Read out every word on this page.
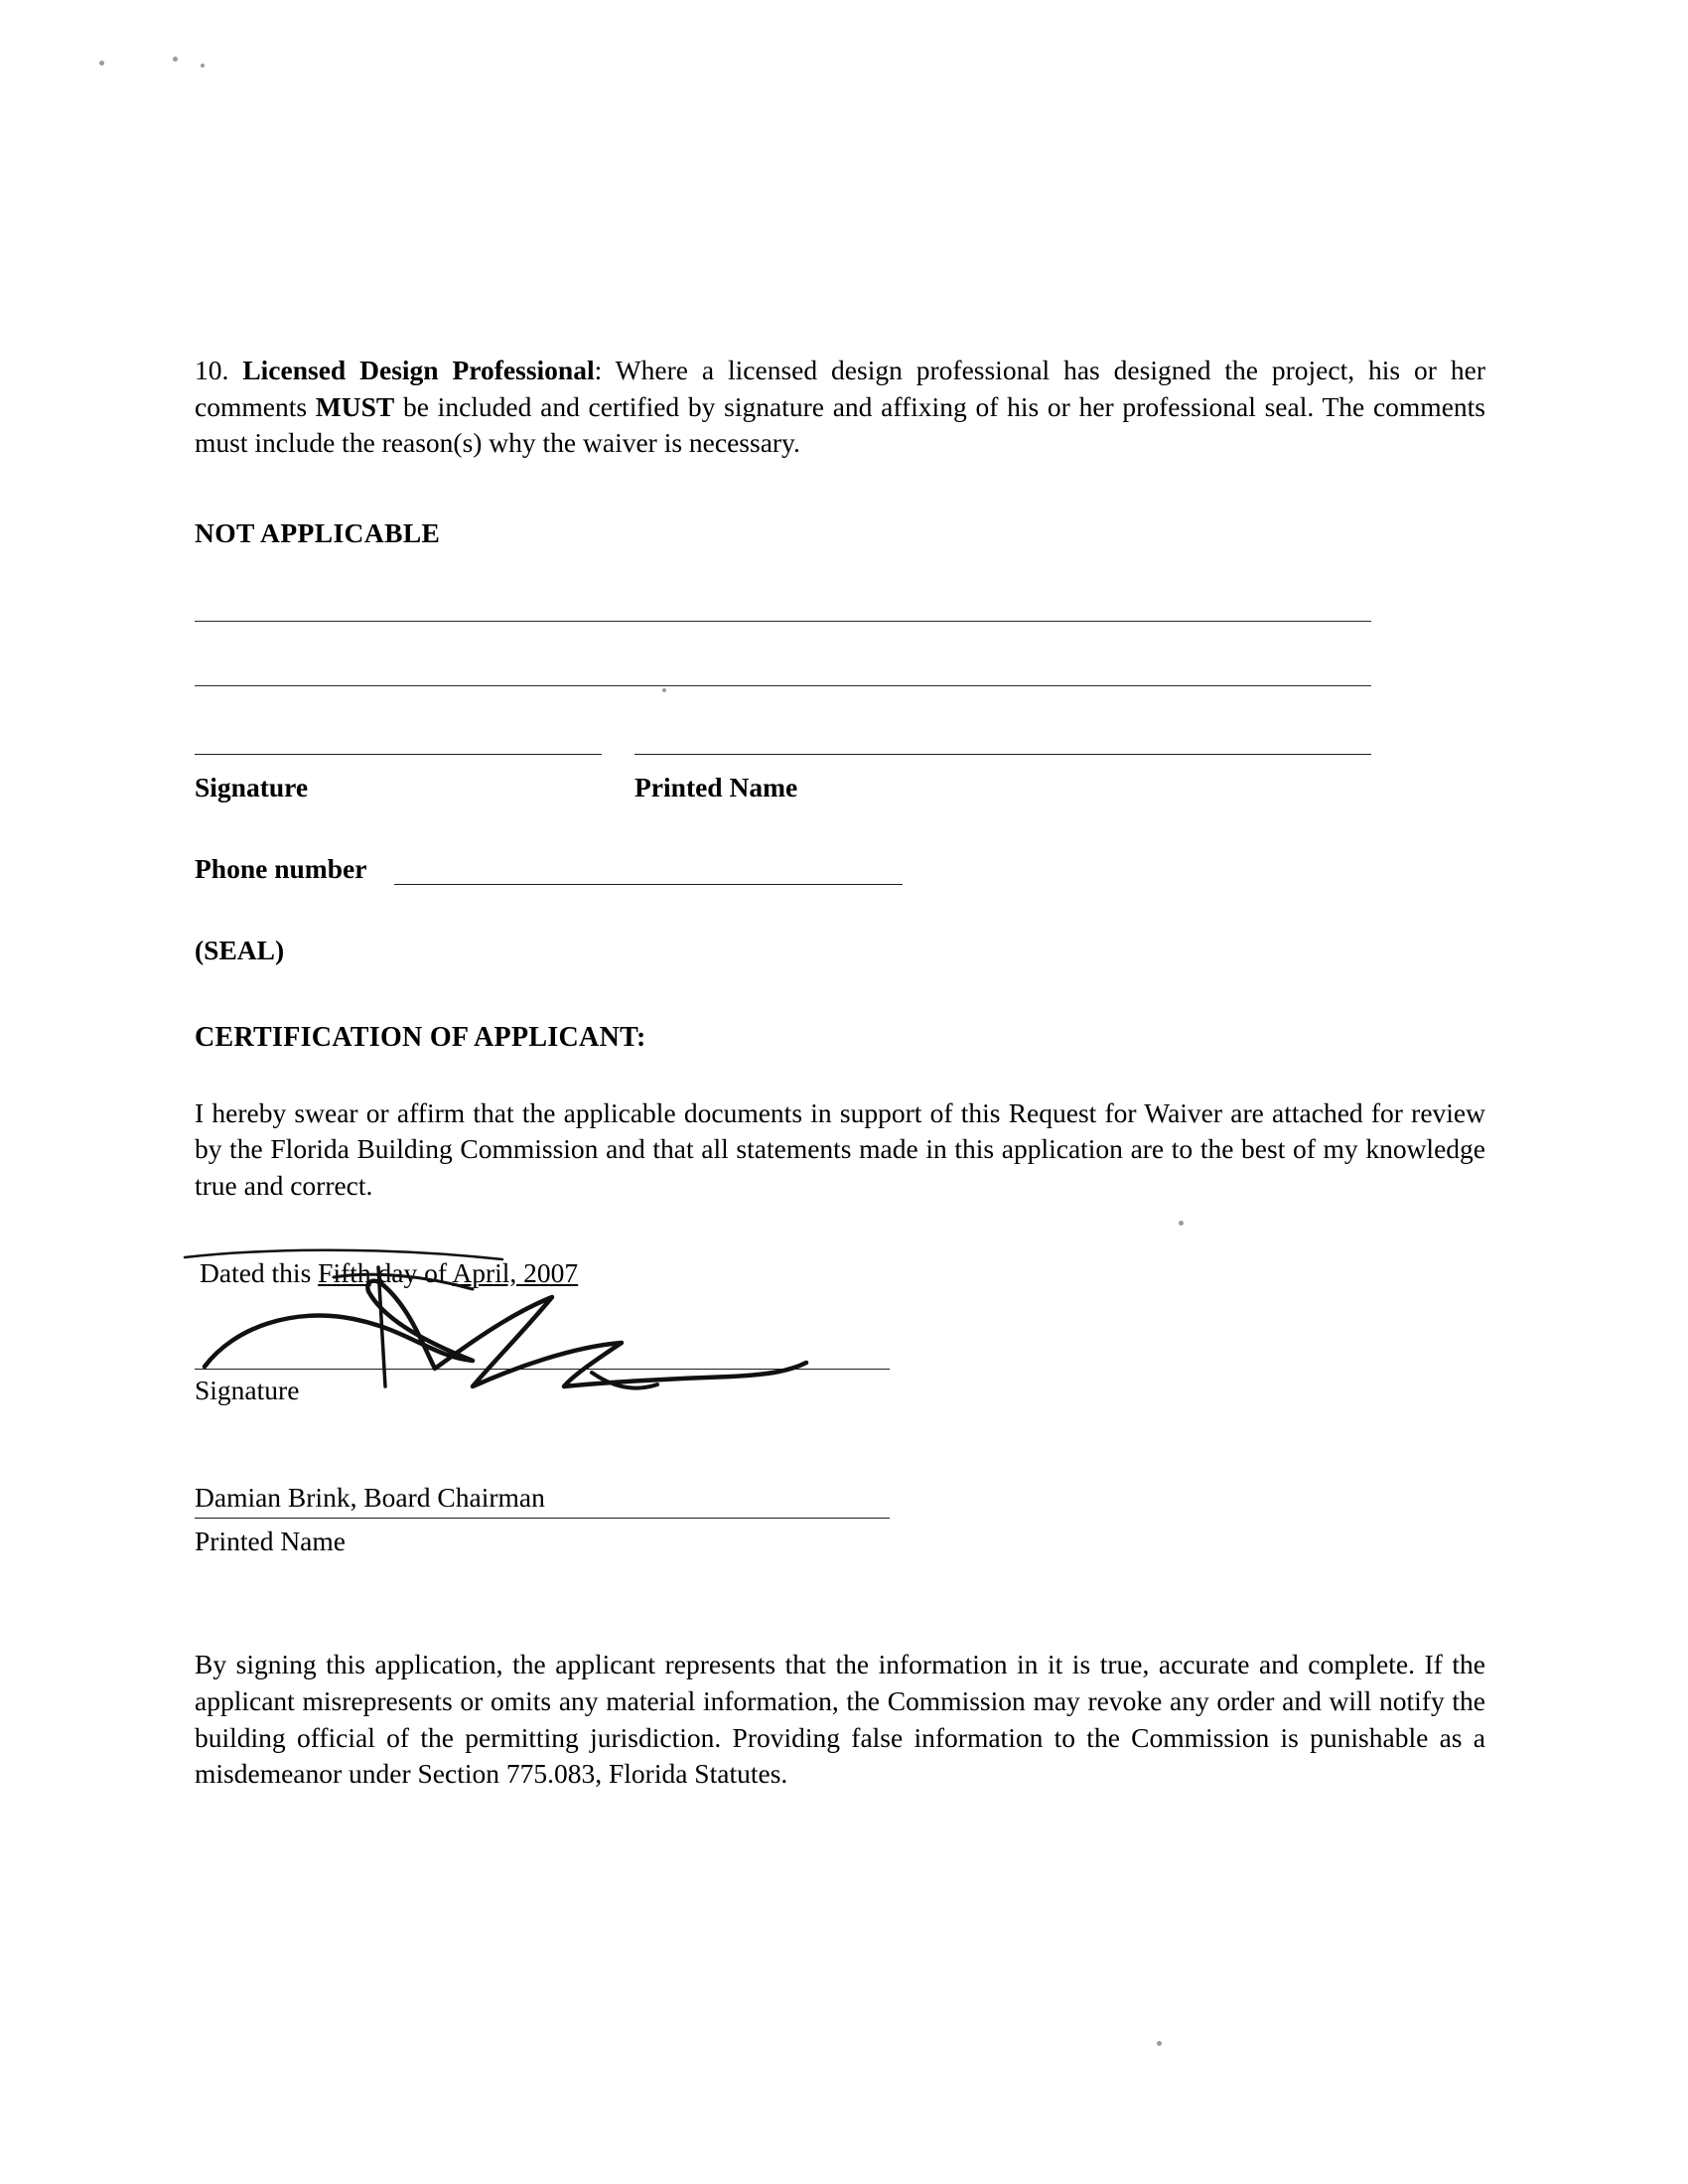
10. Licensed Design Professional: Where a licensed design professional has designed the project, his or her comments MUST be included and certified by signature and affixing of his or her professional seal. The comments must include the reason(s) why the waiver is necessary.

NOT APPLICABLE
Signature	Printed Name
Phone number
(SEAL)
CERTIFICATION OF APPLICANT:

I hereby swear or affirm that the applicable documents in support of this Request for Waiver are attached for review by the Florida Building Commission and that all statements made in this application are to the best of my knowledge true and correct.

Dated this Fifth day of April, 2007
Signature
Damian Brink, Board Chairman
Printed Name

By signing this application, the applicant represents that the information in it is true, accurate and complete. If the applicant misrepresents or omits any material information, the Commission may revoke any order and will notify the building official of the permitting jurisdiction. Providing false information to the Commission is punishable as a misdemeanor under Section 775.083, Florida Statutes.
